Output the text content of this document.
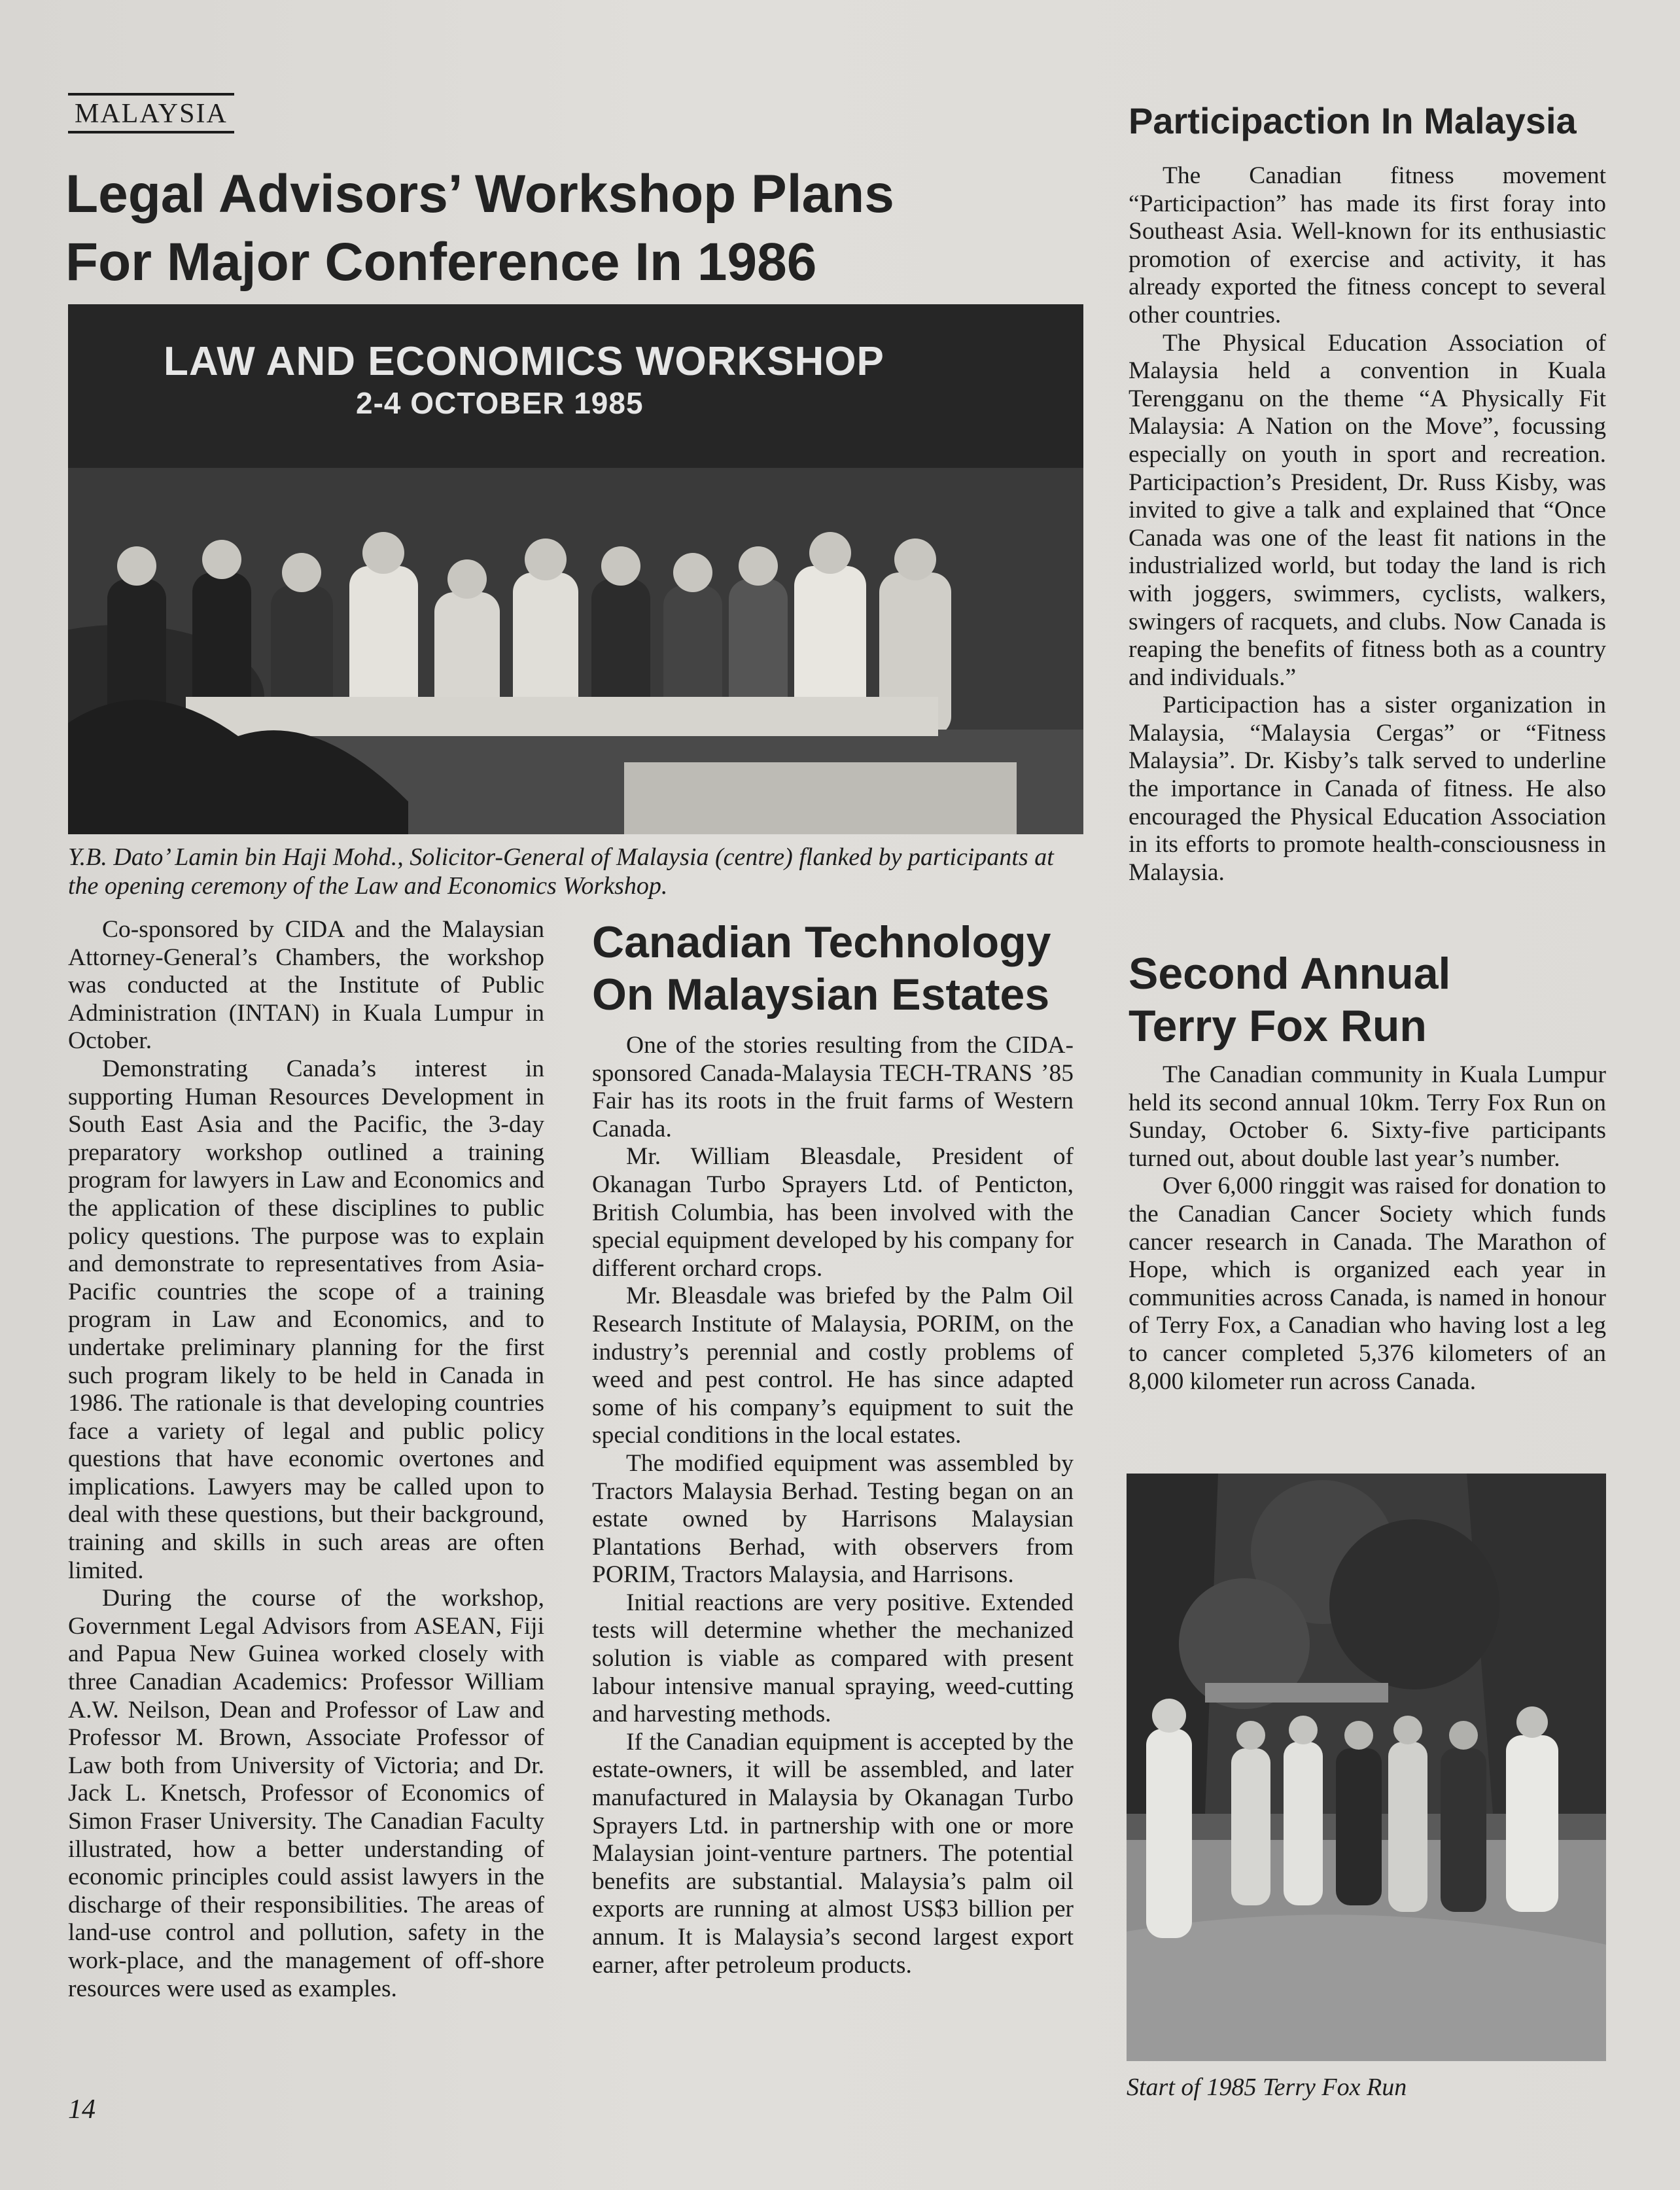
MALAYSIA
Legal Advisors’ Workshop Plans
For Major Conference In 1986
LAW AND ECONOMICS WORKSHOP
2-4 OCTOBER 1985

Y.B. Dato’ Lamin bin Haji Mohd., Solicitor-General of Malaysia (centre) flanked by participants at the opening ceremony of the Law and Economics Workshop.

Co-sponsored by CIDA and the Malaysian Attorney-General’s Chambers, the workshop was conducted at the Institute of Public Administration (INTAN) in Kuala Lumpur in October.

Demonstrating Canada’s interest in supporting Human Resources Development in South East Asia and the Pacific, the 3-day preparatory workshop outlined a training program for lawyers in Law and Economics and the application of these disciplines to public policy questions. The purpose was to explain and demonstrate to representatives from Asia-Pacific countries the scope of a training program in Law and Economics, and to undertake preliminary planning for the first such program likely to be held in Canada in 1986. The rationale is that developing countries face a variety of legal and public policy questions that have economic overtones and implications. Lawyers may be called upon to deal with these questions, but their background, training and skills in such areas are often limited.

During the course of the workshop, Government Legal Advisors from ASEAN, Fiji and Papua New Guinea worked closely with three Canadian Academics: Professor William A.W. Neilson, Dean and Professor of Law and Professor M. Brown, Associate Professor of Law both from University of Victoria; and Dr. Jack L. Knetsch, Professor of Economics of Simon Fraser University. The Canadian Faculty illustrated, how a better understanding of economic principles could assist lawyers in the discharge of their responsibilities. The areas of land-use control and pollution, safety in the work-place, and the management of off-shore resources were used as examples.

Canadian Technology
On Malaysian Estates

One of the stories resulting from the CIDA-sponsored Canada-Malaysia TECH-TRANS ’85 Fair has its roots in the fruit farms of Western Canada.

Mr. William Bleasdale, President of Okanagan Turbo Sprayers Ltd. of Penticton, British Columbia, has been involved with the special equipment developed by his company for different orchard crops.

Mr. Bleasdale was briefed by the Palm Oil Research Institute of Malaysia, PORIM, on the industry’s perennial and costly problems of weed and pest control. He has since adapted some of his company’s equipment to suit the special conditions in the local estates.

The modified equipment was assembled by Tractors Malaysia Berhad. Testing began on an estate owned by Harrisons Malaysian Plantations Berhad, with observers from PORIM, Tractors Malaysia, and Harrisons.

Initial reactions are very positive. Extended tests will determine whether the mechanized solution is viable as compared with present labour intensive manual spraying, weed-cutting and harvesting methods.

If the Canadian equipment is accepted by the estate-owners, it will be assembled, and later manufactured in Malaysia by Okanagan Turbo Sprayers Ltd. in partnership with one or more Malaysian joint-venture partners. The potential benefits are substantial. Malaysia’s palm oil exports are running at almost US$3 billion per annum. It is Malaysia’s second largest export earner, after petroleum products.

Participaction In Malaysia

The Canadian fitness movement “Participaction” has made its first foray into Southeast Asia. Well-known for its enthusiastic promotion of exercise and activity, it has already exported the fitness concept to several other countries.

The Physical Education Association of Malaysia held a convention in Kuala Terengganu on the theme “A Physically Fit Malaysia: A Nation on the Move”, focussing especially on youth in sport and recreation. Participaction’s President, Dr. Russ Kisby, was invited to give a talk and explained that “Once Canada was one of the least fit nations in the industrialized world, but today the land is rich with joggers, swimmers, cyclists, walkers, swingers of racquets, and clubs. Now Canada is reaping the benefits of fitness both as a country and individuals.”

Participaction has a sister organization in Malaysia, “Malaysia Cergas” or “Fitness Malaysia”. Dr. Kisby’s talk served to underline the importance in Canada of fitness. He also encouraged the Physical Education Association in its efforts to promote health-consciousness in Malaysia.

Second Annual
Terry Fox Run

The Canadian community in Kuala Lumpur held its second annual 10km. Terry Fox Run on Sunday, October 6. Sixty-five participants turned out, about double last year’s number.

Over 6,000 ringgit was raised for donation to the Canadian Cancer Society which funds cancer research in Canada. The Marathon of Hope, which is organized each year in communities across Canada, is named in honour of Terry Fox, a Canadian who having lost a leg to cancer completed 5,376 kilometers of an 8,000 kilometer run across Canada.

Start of 1985 Terry Fox Run

14
